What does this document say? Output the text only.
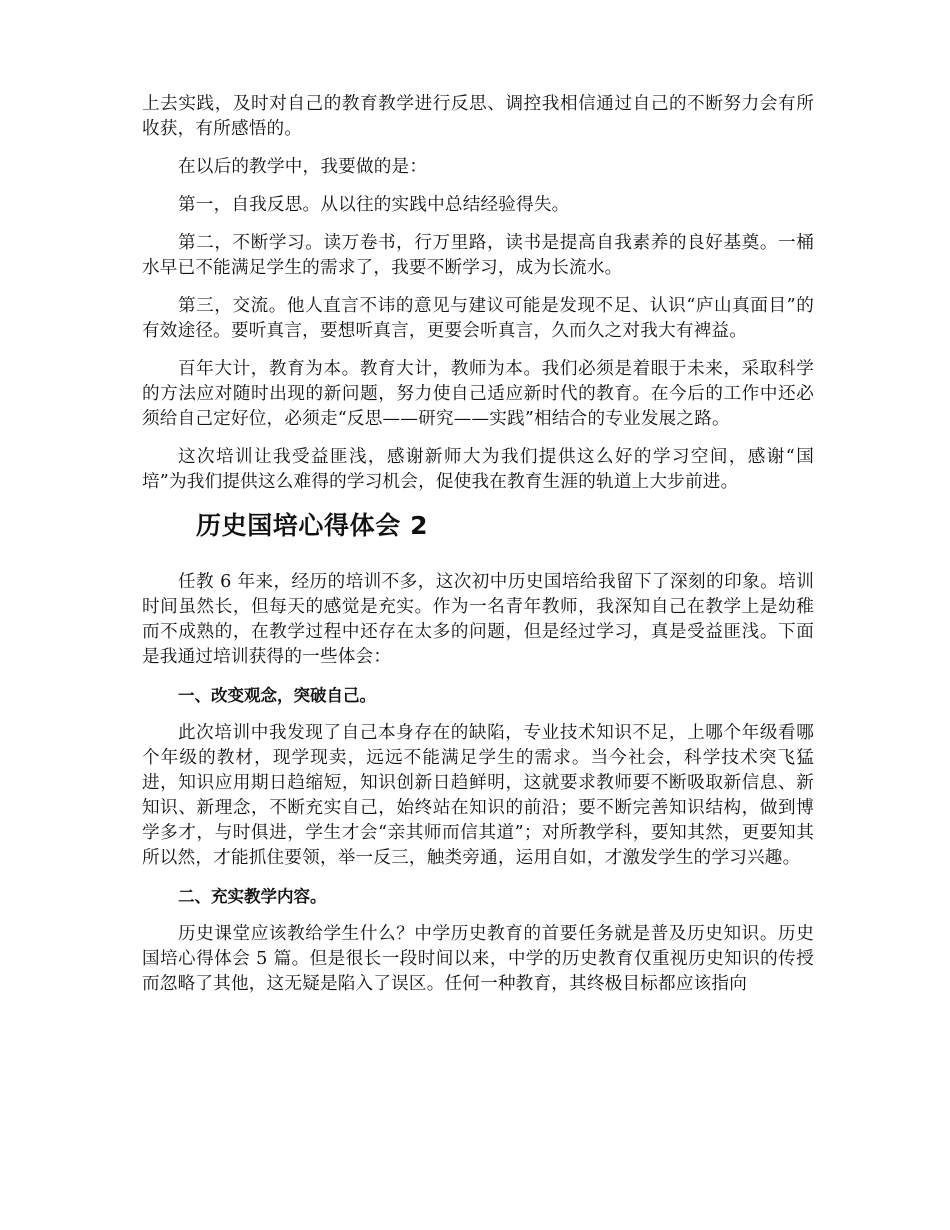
上去实践，及时对自己的教育教学进行反思、调控我相信通过自己的不断努力会有所收获，有所感悟的。

在以后的教学中，我要做的是：

第一，自我反思。从以往的实践中总结经验得失。

第二，不断学习。读万卷书，行万里路，读书是提高自我素养的良好基奠。一桶水早已不能满足学生的需求了，我要不断学习，成为长流水。

第三，交流。他人直言不讳的意见与建议可能是发现不足、认识“庐山真面目”的有效途径。要听真言，要想听真言，更要会听真言，久而久之对我大有裨益。

百年大计，教育为本。教育大计，教师为本。我们必须是着眼于未来，采取科学的方法应对随时出现的新问题，努力使自己适应新时代的教育。在今后的工作中还必须给自己定好位，必须走“反思——研究——实践”相结合的专业发展之路。

这次培训让我受益匪浅，感谢新师大为我们提供这么好的学习空间，感谢“国培”为我们提供这么难得的学习机会，促使我在教育生涯的轨道上大步前进。

历史国培心得体会 2

任教 6 年来，经历的培训不多，这次初中历史国培给我留下了深刻的印象。培训时间虽然长，但每天的感觉是充实。作为一名青年教师，我深知自己在教学上是幼稚而不成熟的，在教学过程中还存在太多的问题，但是经过学习，真是受益匪浅。下面是我通过培训获得的一些体会：

一、改变观念，突破自己。

此次培训中我发现了自己本身存在的缺陷，专业技术知识不足，上哪个年级看哪个年级的教材，现学现卖，远远不能满足学生的需求。当今社会，科学技术突飞猛进，知识应用期日趋缩短，知识创新日趋鲜明，这就要求教师要不断吸取新信息、新知识、新理念，不断充实自己，始终站在知识的前沿；要不断完善知识结构，做到博学多才，与时俱进，学生才会“亲其师而信其道”；对所教学科，要知其然，更要知其所以然，才能抓住要领，举一反三，触类旁通，运用自如，才激发学生的学习兴趣。

二、充实教学内容。

历史课堂应该教给学生什么？中学历史教育的首要任务就是普及历史知识。历史国培心得体会 5 篇。但是很长一段时间以来，中学的历史教育仅重视历史知识的传授而忽略了其他，这无疑是陷入了误区。任何一种教育，其终极目标都应该指向
